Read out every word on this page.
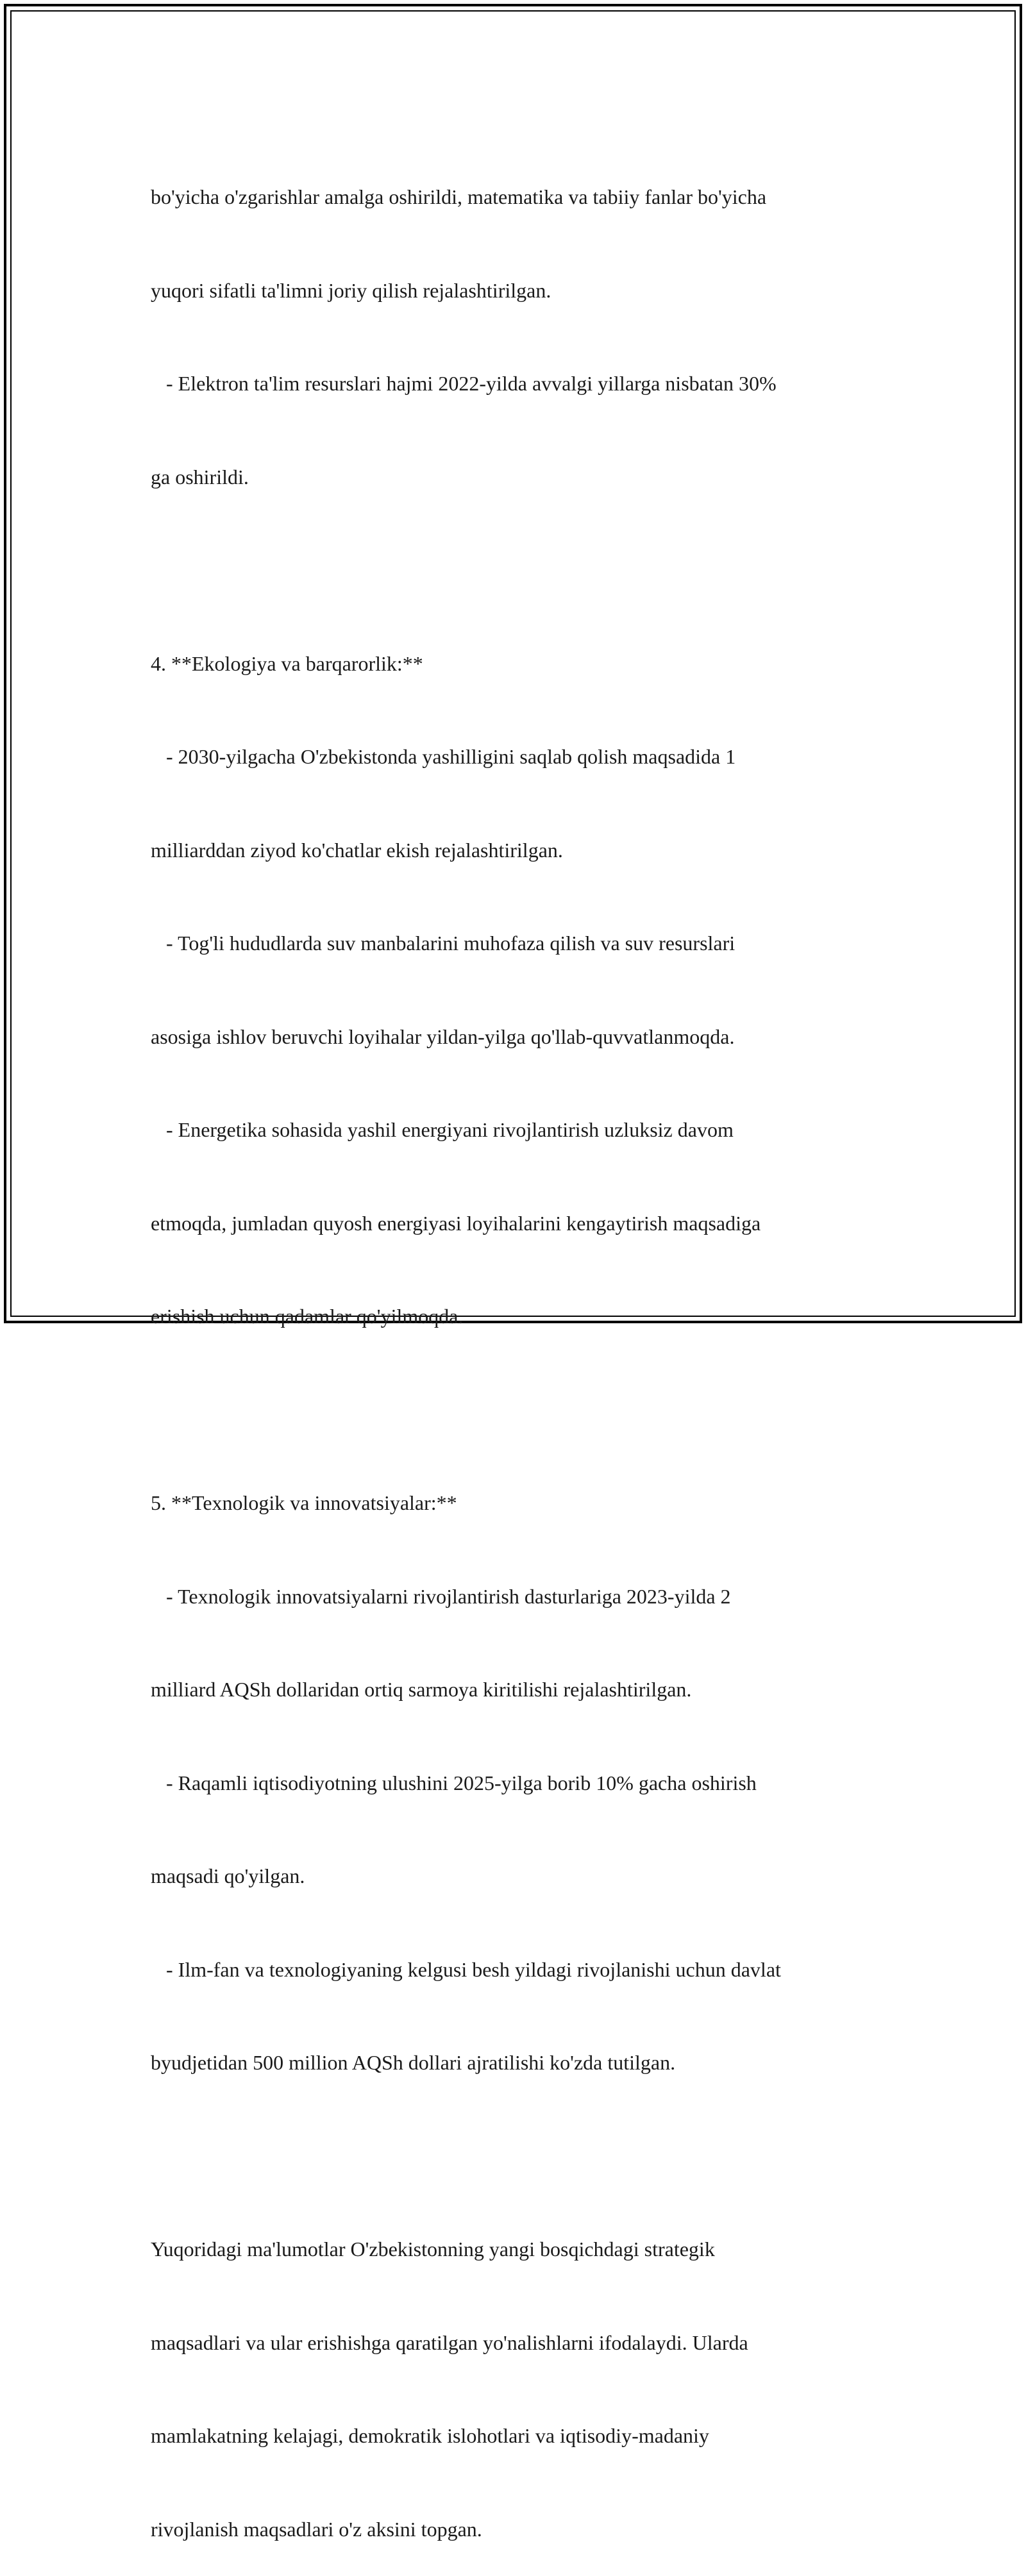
bo'yicha o'zgarishlar amalga oshirildi, matematika va tabiiy fanlar bo'yicha

yuqori sifatli ta'limni joriy qilish rejalashtirilgan.

- Elektron ta'lim resurslari hajmi 2022-yilda avvalgi yillarga nisbatan 30%

ga oshirildi.

4. **Ekologiya va barqarorlik:**

- 2030-yilgacha O'zbekistonda yashilligini saqlab qolish maqsadida 1

milliarddan ziyod ko'chatlar ekish rejalashtirilgan.

- Tog'li hududlarda suv manbalarini muhofaza qilish va suv resurslari

asosiga ishlov beruvchi loyihalar yildan-yilga qo'llab-quvvatlanmoqda.

- Energetika sohasida yashil energiyani rivojlantirish uzluksiz davom

etmoqda, jumladan quyosh energiyasi loyihalarini kengaytirish maqsadiga

erishish uchun qadamlar qo'yilmoqda.

5. **Texnologik va innovatsiyalar:**

- Texnologik innovatsiyalarni rivojlantirish dasturlariga 2023-yilda 2

milliard AQSh dollaridan ortiq sarmoya kiritilishi rejalashtirilgan.

- Raqamli iqtisodiyotning ulushini 2025-yilga borib 10% gacha oshirish

maqsadi qo'yilgan.

- Ilm-fan va texnologiyaning kelgusi besh yildagi rivojlanishi uchun davlat

byudjetidan 500 million AQSh dollari ajratilishi ko'zda tutilgan.

Yuqoridagi ma'lumotlar O'zbekistonning yangi bosqichdagi strategik

maqsadlari va ular erishishga qaratilgan yo'nalishlarni ifodalaydi. Ularda

mamlakatning kelajagi, demokratik islohotlari va iqtisodiy-madaniy

rivojlanish maqsadlari o'z aksini topgan.
